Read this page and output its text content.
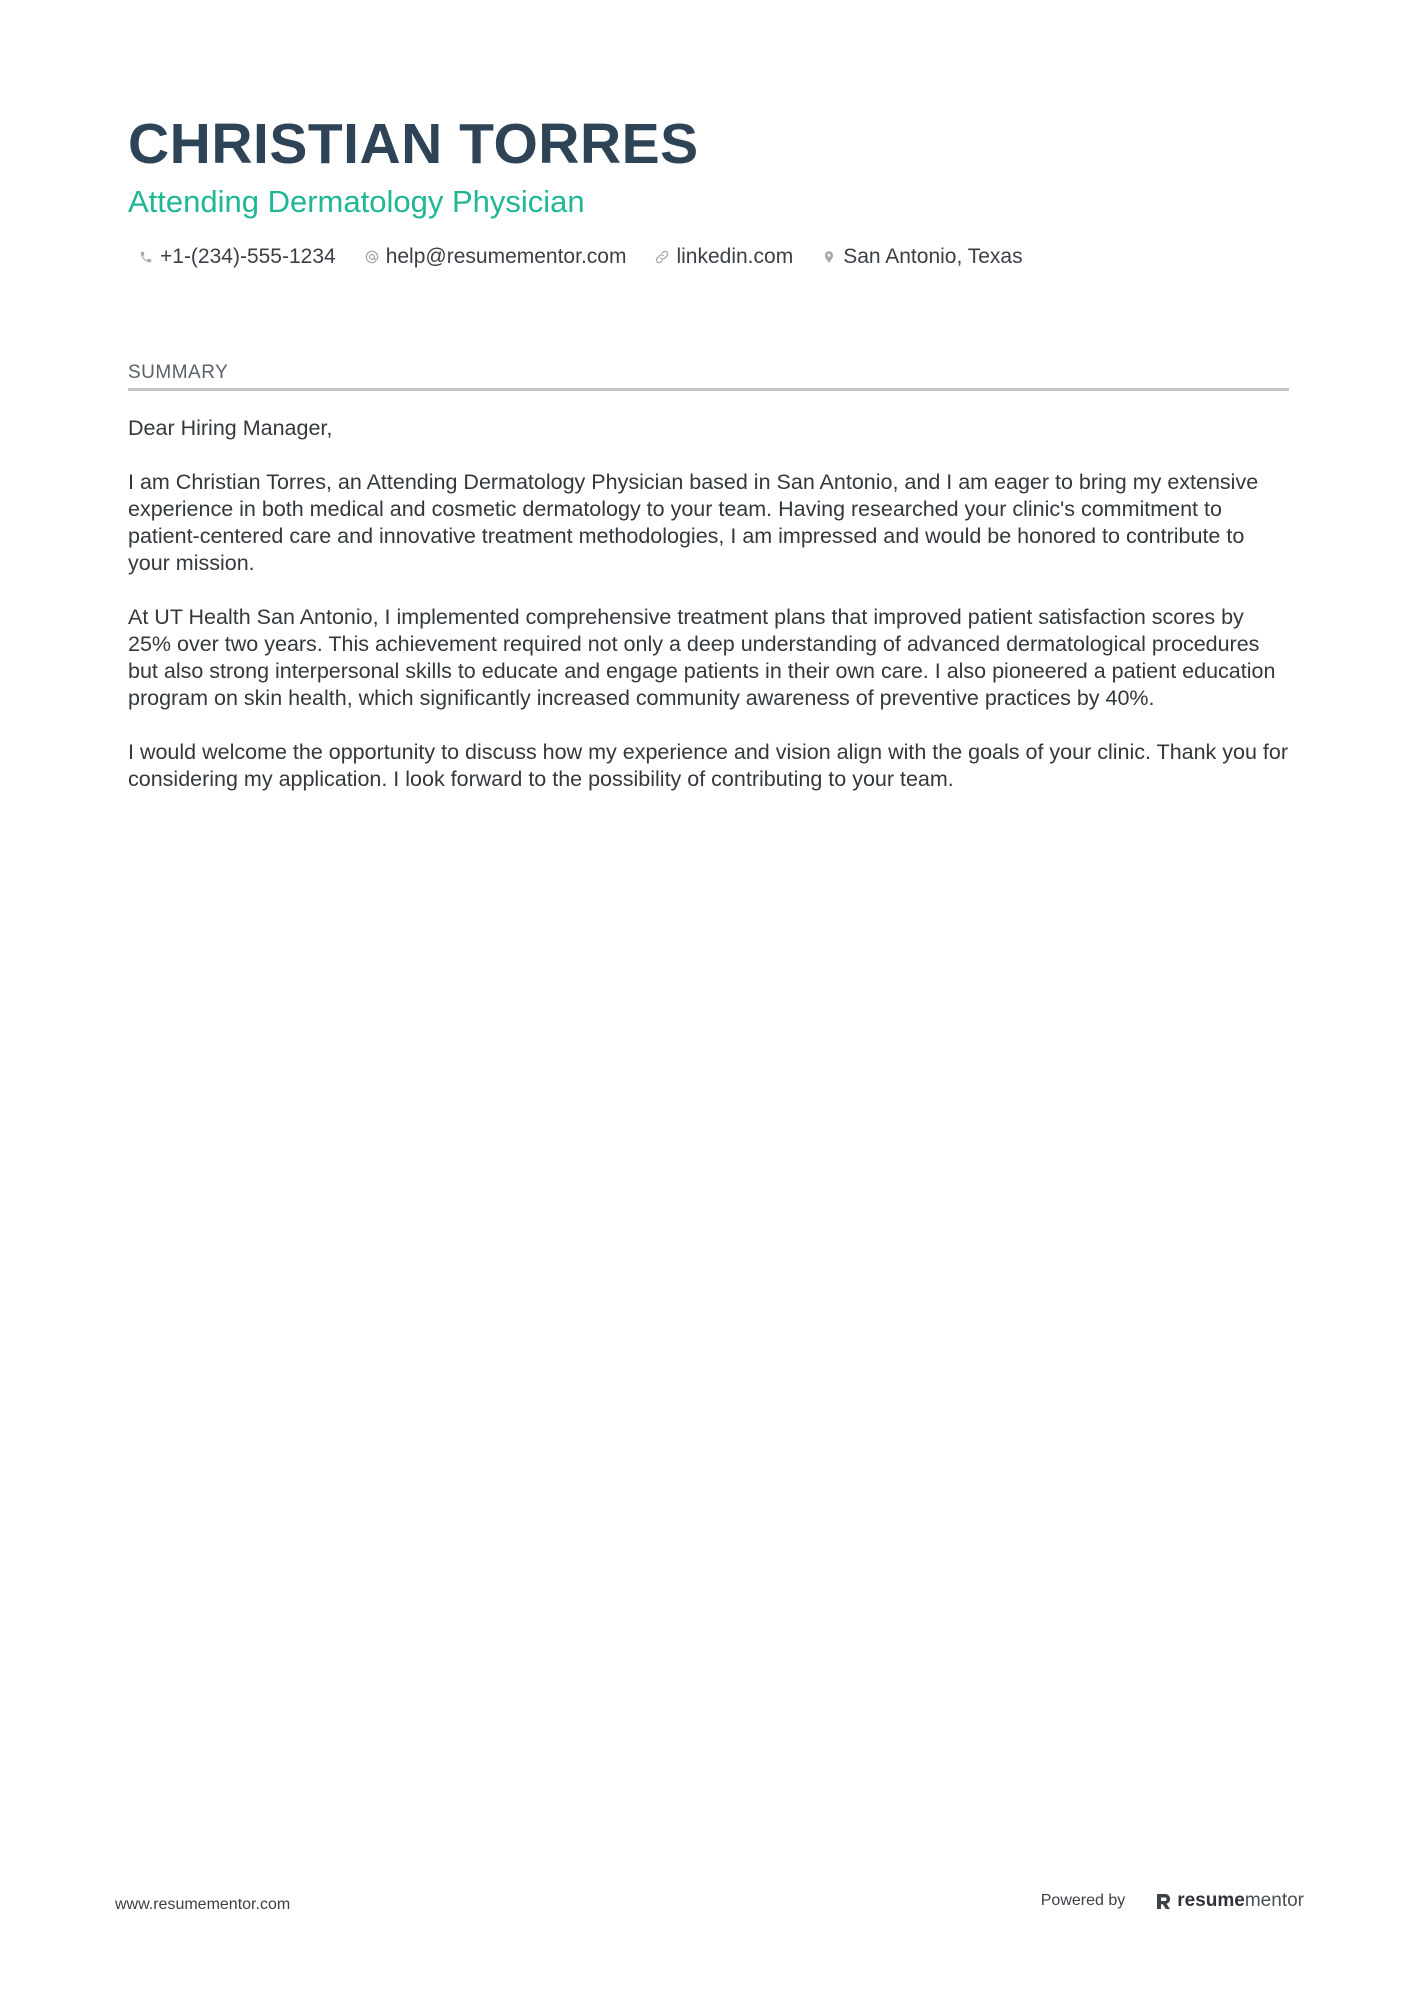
CHRISTIAN TORRES
Attending Dermatology Physician
+1-(234)-555-1234 help@resumementor.com linkedin.com San Antonio, Texas
SUMMARY

Dear Hiring Manager,

I am Christian Torres, an Attending Dermatology Physician based in San Antonio, and I am eager to bring my extensive experience in both medical and cosmetic dermatology to your team. Having researched your clinic's commitment to patient-centered care and innovative treatment methodologies, I am impressed and would be honored to contribute to your mission.

At UT Health San Antonio, I implemented comprehensive treatment plans that improved patient satisfaction scores by 25% over two years. This achievement required not only a deep understanding of advanced dermatological procedures but also strong interpersonal skills to educate and engage patients in their own care. I also pioneered a patient education program on skin health, which significantly increased community awareness of preventive practices by 40%.

I would welcome the opportunity to discuss how my experience and vision align with the goals of your clinic. Thank you for considering my application. I look forward to the possibility of contributing to your team.

www.resumementor.com	Powered by	resume mentor
